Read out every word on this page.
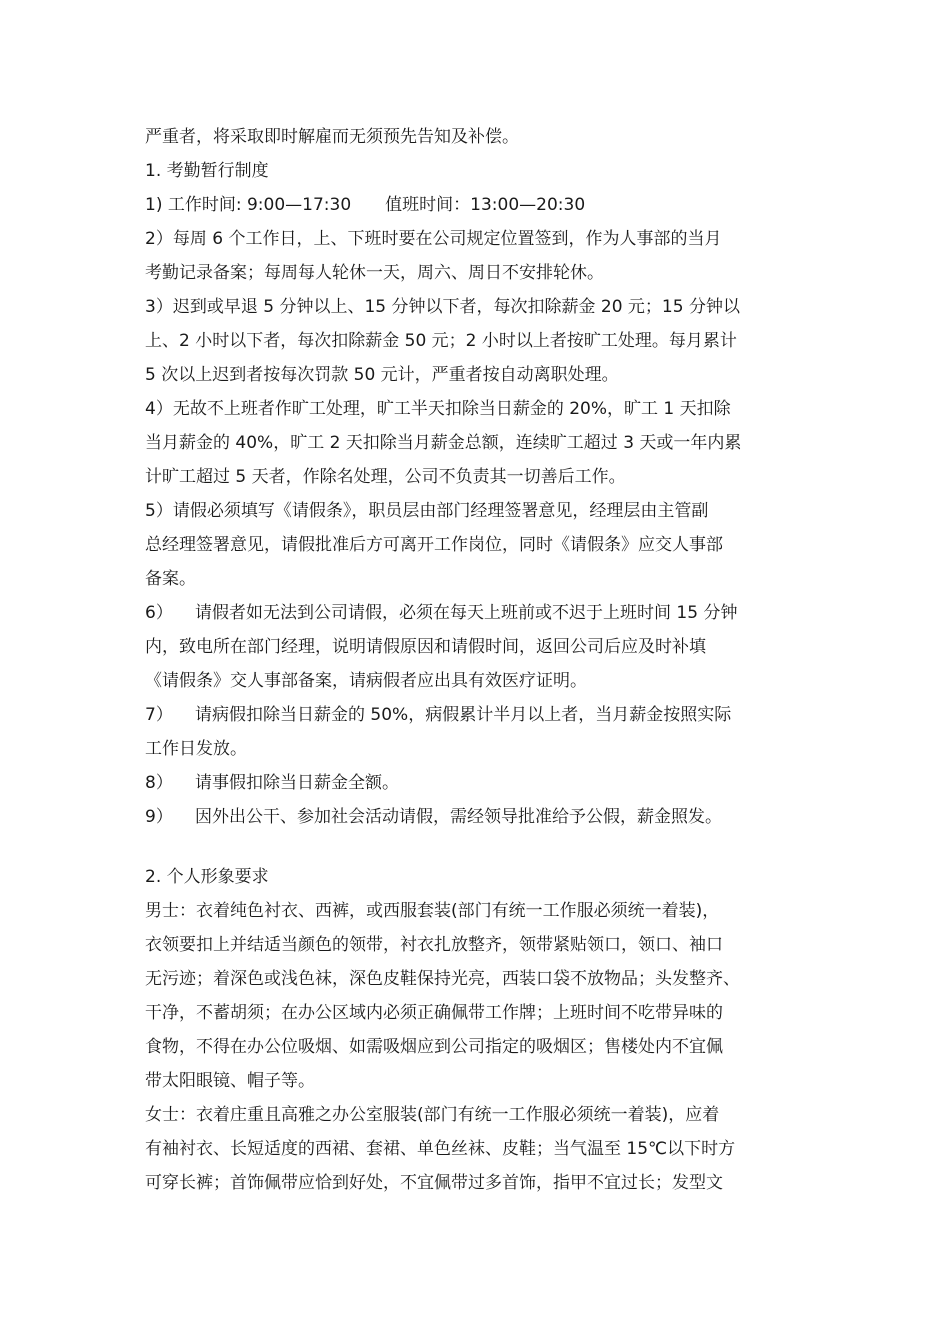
严重者，将采取即时解雇而无须预先告知及补偿。
1. 考勤暂行制度
1) 工作时间: 9:00—17:30 值班时间：13:00—20:30
2）每周 6 个工作日，上、下班时要在公司规定位置签到，作为人事部的当月
考勤记录备案；每周每人轮休一天，周六、周日不安排轮休。
3）迟到或早退 5 分钟以上、15 分钟以下者，每次扣除薪金 20 元；15 分钟以
上、2 小时以下者，每次扣除薪金 50 元；2 小时以上者按旷工处理。每月累计
5 次以上迟到者按每次罚款 50 元计，严重者按自动离职处理。
4）无故不上班者作旷工处理，旷工半天扣除当日薪金的 20%，旷工 1 天扣除
当月薪金的 40%，旷工 2 天扣除当月薪金总额，连续旷工超过 3 天或一年内累
计旷工超过 5 天者，作除名处理，公司不负责其一切善后工作。
5）请假必须填写《请假条》，职员层由部门经理签署意见，经理层由主管副
总经理签署意见，请假批准后方可离开工作岗位，同时《请假条》应交人事部
备案。
6） 请假者如无法到公司请假，必须在每天上班前或不迟于上班时间 15 分钟
内，致电所在部门经理，说明请假原因和请假时间，返回公司后应及时补填
《请假条》交人事部备案，请病假者应出具有效医疗证明。
7） 请病假扣除当日薪金的 50%，病假累计半月以上者，当月薪金按照实际
工作日发放。
8） 请事假扣除当日薪金全额。
9） 因外出公干、参加社会活动请假，需经领导批准给予公假，薪金照发。
2. 个人形象要求
男士：衣着纯色衬衣、西裤，或西服套装(部门有统一工作服必须统一着装)，
衣领要扣上并结适当颜色的领带，衬衣扎放整齐，领带紧贴领口，领口、袖口
无污迹；着深色或浅色袜，深色皮鞋保持光亮，西装口袋不放物品；头发整齐、
干净，不蓄胡须；在办公区域内必须正确佩带工作牌；上班时间不吃带异味的
食物，不得在办公位吸烟、如需吸烟应到公司指定的吸烟区；售楼处内不宜佩
带太阳眼镜、帽子等。
女士：衣着庄重且高雅之办公室服装(部门有统一工作服必须统一着装)，应着
有袖衬衣、长短适度的西裙、套裙、单色丝袜、皮鞋；当气温至 15℃以下时方
可穿长裤；首饰佩带应恰到好处，不宜佩带过多首饰，指甲不宜过长；发型文
